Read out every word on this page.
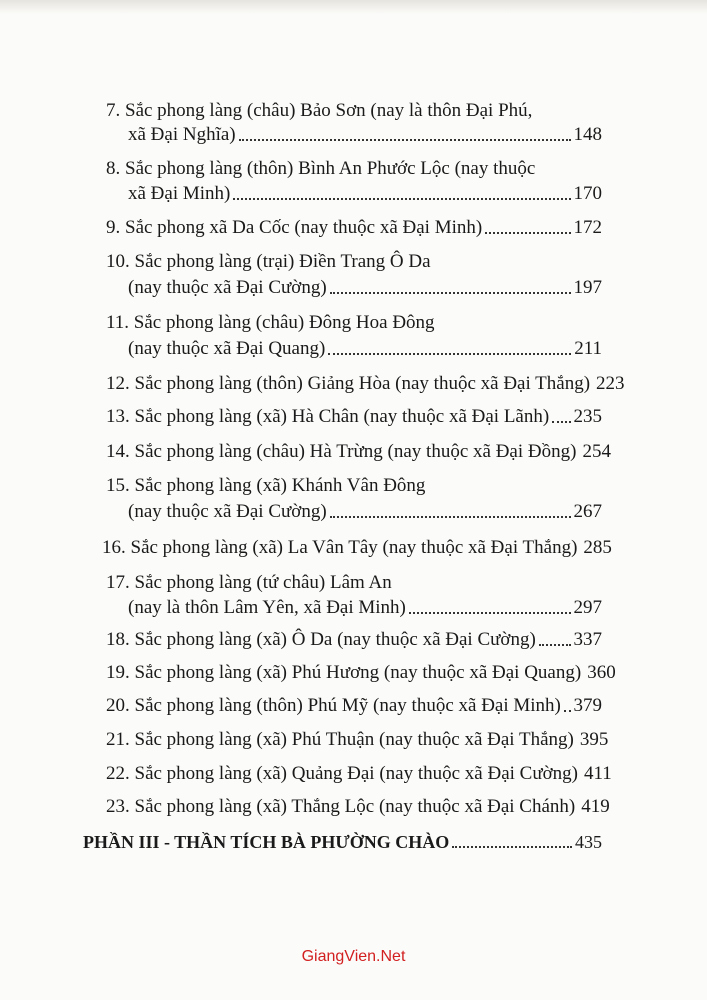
7. Sắc phong làng (châu) Bảo Sơn (nay là thôn Đại Phú,
xã Đại Nghĩa)	148
8. Sắc phong làng (thôn) Bình An Phước Lộc (nay thuộc
xã Đại Minh)	170
9. Sắc phong xã Da Cốc (nay thuộc xã Đại Minh)	172
10. Sắc phong làng (trại) Điền Trang Ô Da
(nay thuộc xã Đại Cường)	197
11. Sắc phong làng (châu) Đông Hoa Đông
(nay thuộc xã Đại Quang)	211
12. Sắc phong làng (thôn) Giảng Hòa (nay thuộc xã Đại Thắng) 223
13. Sắc phong làng (xã) Hà Chân (nay thuộc xã Đại Lãnh) 235
14. Sắc phong làng (châu) Hà Trừng (nay thuộc xã Đại Đồng) 254
15. Sắc phong làng (xã) Khánh Vân Đông
(nay thuộc xã Đại Cường)	267
16. Sắc phong làng (xã) La Vân Tây (nay thuộc xã Đại Thắng) 285
17. Sắc phong làng (tứ châu) Lâm An
(nay là thôn Lâm Yên, xã Đại Minh)	297
18. Sắc phong làng (xã) Ô Da (nay thuộc xã Đại Cường) 337
19. Sắc phong làng (xã) Phú Hương (nay thuộc xã Đại Quang) 360
20. Sắc phong làng (thôn) Phú Mỹ (nay thuộc xã Đại Minh) 379
21. Sắc phong làng (xã) Phú Thuận (nay thuộc xã Đại Thắng) 395
22. Sắc phong làng (xã) Quảng Đại (nay thuộc xã Đại Cường) 411
23. Sắc phong làng (xã) Thắng Lộc (nay thuộc xã Đại Chánh) 419
PHẦN III - THẦN TÍCH BÀ PHƯỜNG CHÀO	435
GiangVien.Net
